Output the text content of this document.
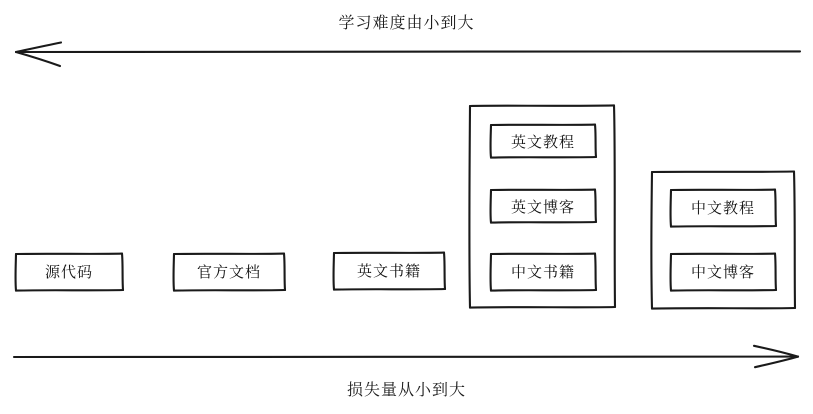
学习难度由小到大
损失量从小到大
源代码	官方文档	英文书籍
英文教程
英文博客
中文书籍
中文教程
中文博客
